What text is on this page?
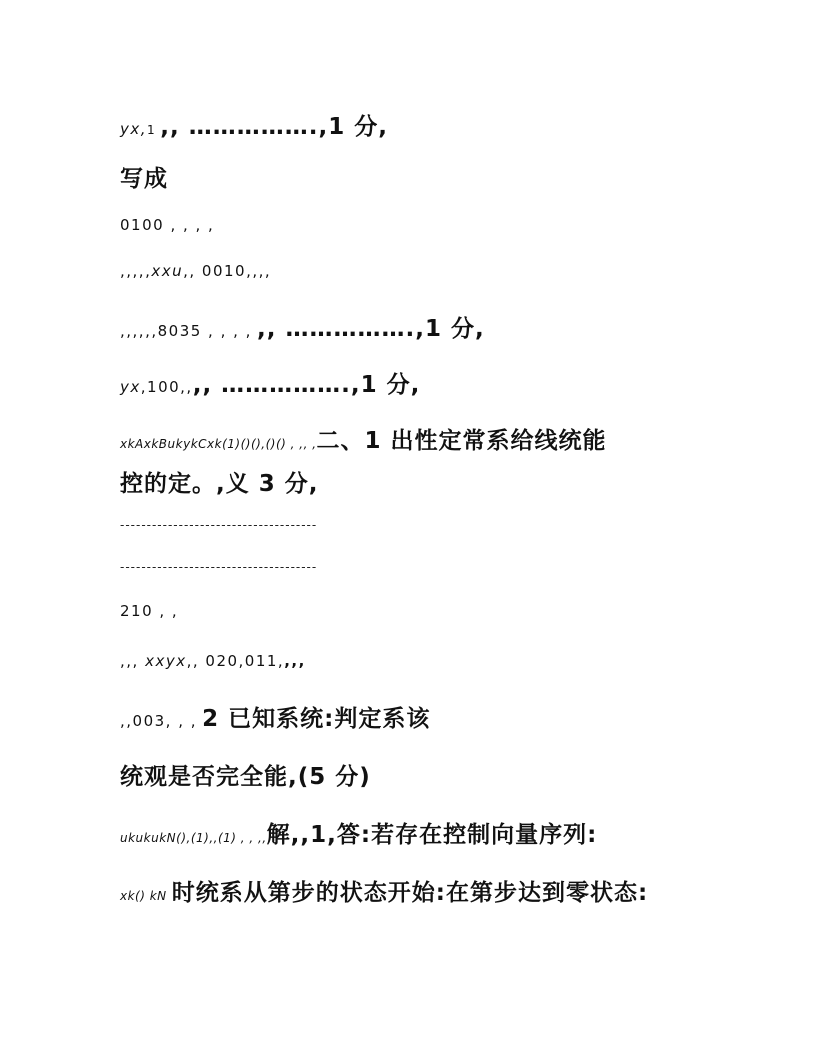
yx,1 ,, …………….,1 分,
写成
0100 , , , ,
,,,,,xxu,, 0010,,,,
,,,,,,8035 , , , , ,, …………….,1 分,
yx,100,,,, …………….,1 分,
xkAxkBukykCxk(1)()(),()() , ,, ,二、1 出性定常系给线统能
控的定。,义 3 分,
-------------------------------------
-------------------------------------
210 , ,
,,, xxyx,, 020,011,,,,
,,003, , , 2 已知系统:判定系该
统观是否完全能,(5 分)
ukukukN(),(1),,(1) , , ,,解,,1,答:若存在控制向量序列:
xk() kN 时统系从第步的状态开始:在第步达到零状态:
